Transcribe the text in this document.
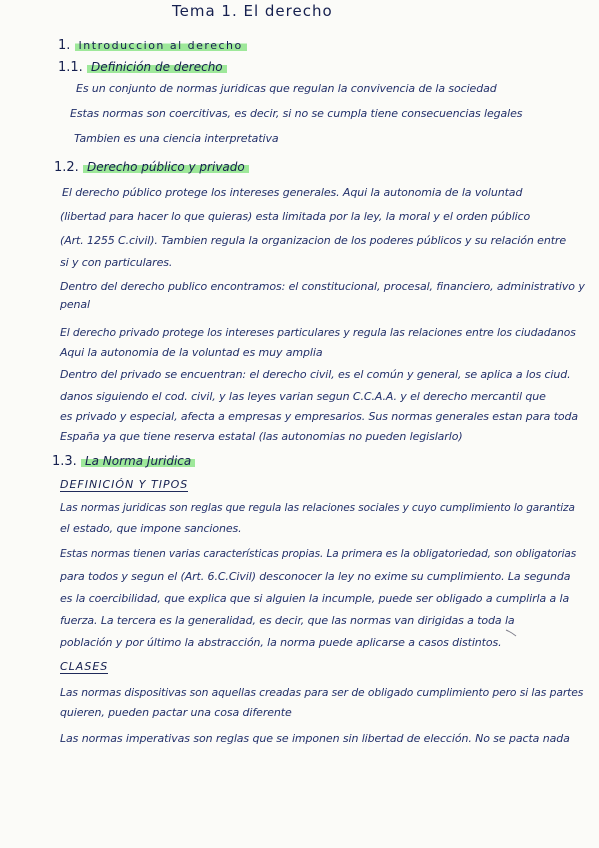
Tema 1. El derecho
1. Introduccion al derecho
1.1. Definición de derecho
Es un conjunto de normas juridicas que regulan la convivencia de la sociedad
Estas normas son coercitivas, es decir, si no se cumpla tiene consecuencias legales
Tambien es una ciencia interpretativa
1.2. Derecho público y privado
El derecho público protege los intereses generales. Aqui la autonomia de la voluntad
(libertad para hacer lo que quieras) esta limitada por la ley, la moral y el orden público
(Art. 1255 C.civil). Tambien regula la organizacion de los poderes públicos y su relación entre
si y con particulares.
Dentro del derecho publico encontramos: el constitucional, procesal, financiero, administrativo y
penal
El derecho privado protege los intereses particulares y regula las relaciones entre los ciudadanos
Aqui la autonomia de la voluntad es muy amplia
Dentro del privado se encuentran: el derecho civil, es el común y general, se aplica a los ciud.
danos siguiendo el cod. civil, y las leyes varian segun C.C.A.A. y el derecho mercantil que
es privado y especial, afecta a empresas y empresarios. Sus normas generales estan para toda
España ya que tiene reserva estatal (las autonomias no pueden legislarlo)
1.3. La Norma Juridica
DEFINICIÓN Y TIPOS
Las normas juridicas son reglas que regula las relaciones sociales y cuyo cumplimiento lo garantiza
el estado, que impone sanciones.
Estas normas tienen varias características propias. La primera es la obligatoriedad, son obligatorias
para todos y segun el (Art. 6.C.Civil) desconocer la ley no exime su cumplimiento. La segunda
es la coercibilidad, que explica que si alguien la incumple, puede ser obligado a cumplirla a la
fuerza. La tercera es la generalidad, es decir, que las normas van dirigidas a toda la
población y por último la abstracción, la norma puede aplicarse a casos distintos.
CLASES
Las normas dispositivas son aquellas creadas para ser de obligado cumplimiento pero si las partes
quieren, pueden pactar una cosa diferente
Las normas imperativas son reglas que se imponen sin libertad de elección. No se pacta nada
